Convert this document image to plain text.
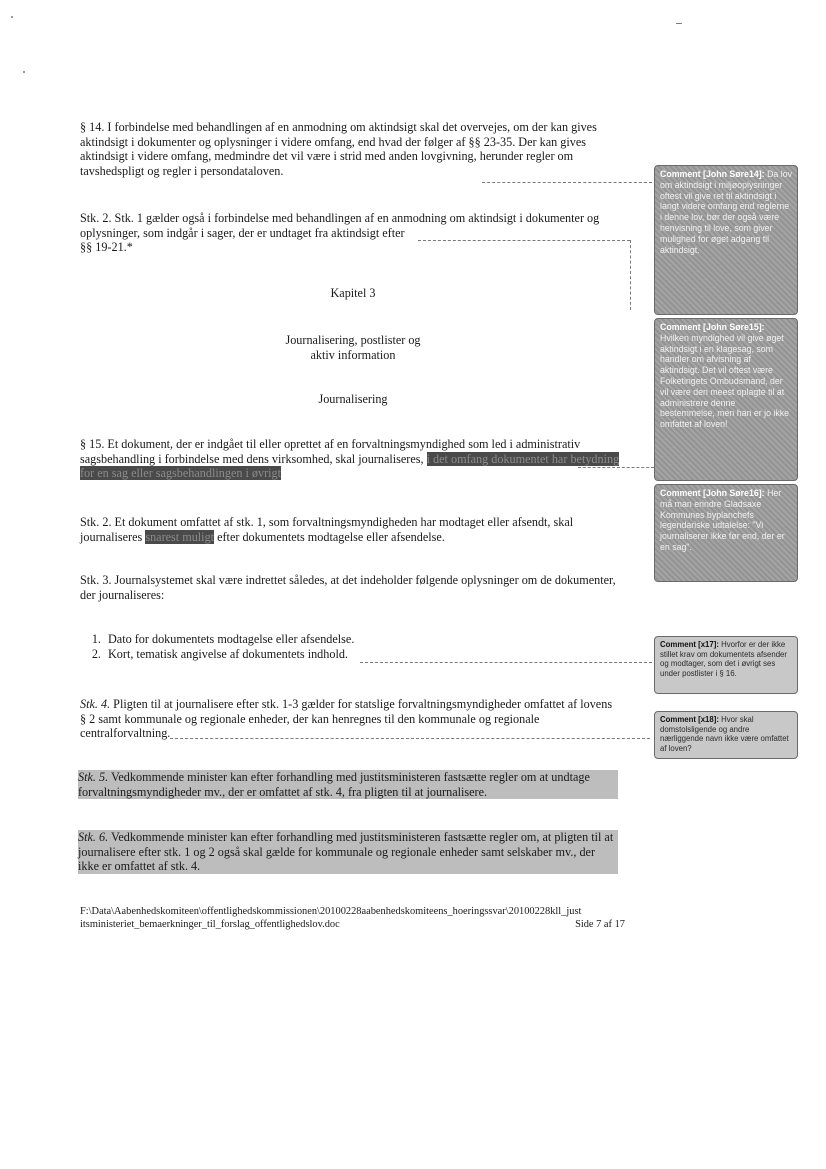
§ 14. I forbindelse med behandlingen af en anmodning om aktindsigt skal det overvejes, om der kan gives aktindsigt i dokumenter og oplysninger i videre omfang, end hvad der følger af §§ 23-35. Der kan gives aktindsigt i videre omfang, medmindre det vil være i strid med anden lovgivning, herunder regler om tavshedspligt og regler i persondataloven.

Stk. 2. Stk. 1 gælder også i forbindelse med behandlingen af en anmodning om aktindsigt i dokumenter og oplysninger, som indgår i sager, der er undtaget fra aktindsigt efter

§§ 19-21.*

Kapitel 3

Journalisering, postlister og

aktiv information

Journalisering

§ 15. Et dokument, der er indgået til eller oprettet af en forvaltningsmyndighed som led i administrativ sagsbehandling i forbindelse med dens virksomhed, skal journaliseres, i det omfang dokumentet har betydning for en sag eller sagsbehandlingen i øvrigt

Stk. 2. Et dokument omfattet af stk. 1, som forvaltningsmyndigheden har modtaget eller afsendt, skal journaliseres snarest muligt efter dokumentets modtagelse eller afsendelse.

Stk. 3. Journalsystemet skal være indrettet således, at det indeholder følgende oplysninger om de dokumenter, der journaliseres:

1. Dato for dokumentets modtagelse eller afsendelse.
2. Kort, tematisk angivelse af dokumentets indhold.

Stk. 4. Pligten til at journalisere efter stk. 1-3 gælder for statslige forvaltningsmyndigheder omfattet af lovens § 2 samt kommunale og regionale enheder, der kan henregnes til den kommunale og regionale centralforvaltning.

Stk. 5. Vedkommende minister kan efter forhandling med justitsministeren fastsætte regler om at undtage forvaltningsmyndigheder mv., der er omfattet af stk. 4, fra pligten til at journalisere.

Stk. 6. Vedkommende minister kan efter forhandling med justitsministeren fastsætte regler om, at pligten til at journalisere efter stk. 1 og 2 også skal gælde for kommunale og regionale enheder samt selskaber mv., der ikke er omfattet af stk. 4.

F:\Data\Aabenhedskomiteen\offentlighedskommissionen\20100228aabenhedskomiteens_hoeringssvar\20100228kll_just

itsministeriet_bemaerkninger_til_forslag_offentlighedslov.doc	Side 7 af 17

Comment [John Søre14]: Da lov om aktindsigt i miljøoplysninger oftest vil give ret til aktindsigt i langt videre omfang end reglerne i denne lov, bør der også være henvisning til love, som giver mulighed for øget adgang til aktindsigt.
Comment [John Søre15]: Hvilken myndighed vil give øget aktindsigt i en klagesag, som handler om afvisning af aktindsigt. Det vil oftest være Folketingets Ombudsmand, der vil være den meest oplagte til at administrere denne bestemmelse, men han er jo ikke omfattet af loven!
Comment [John Søre16]: Her må man erindre Gladsaxe Kommunes byplanchefs legendariske udtalelse: "Vi journaliserer ikke før end, der er en sag".
Comment [x17]: Hvorfor er der ikke stillet krav om dokumentets afsender og modtager, som det i øvrigt ses under postlister i § 16.
Comment [x18]: Hvor skal domstolsligende og andre nærliggende navn ikke være omfattet af loven?
